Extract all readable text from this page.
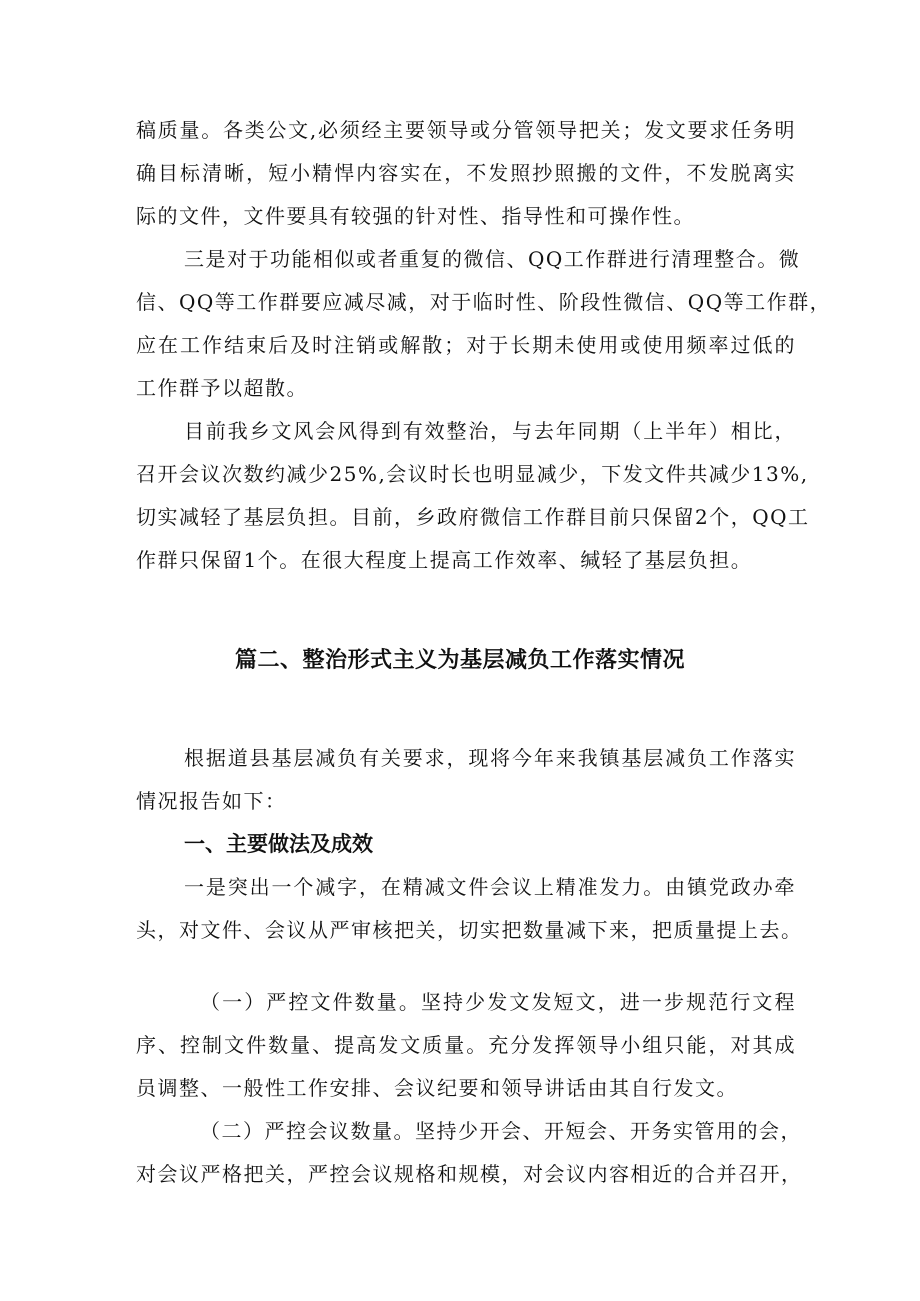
稿质量。各类公文,必须经主要领导或分管领导把关；发文要求任务明
确目标清晰，短小精悍内容实在，不发照抄照搬的文件，不发脱离实
际的文件，文件要具有较强的针对性、指导性和可操作性。
三是对于功能相似或者重复的微信、QQ工作群进行清理整合。微
信、QQ等工作群要应减尽减，对于临时性、阶段性微信、QQ等工作群，
应在工作结束后及时注销或解散；对于长期未使用或使用频率过低的
工作群予以超散。
目前我乡文风会风得到有效整治，与去年同期（上半年）相比，
召开会议次数约减少25%,会议时长也明显减少，下发文件共减少13%,
切实减轻了基层负担。目前，乡政府微信工作群目前只保留2个，QQ工
作群只保留1个。在很大程度上提高工作效率、缄轻了基层负担。
篇二、整治形式主义为基层减负工作落实情况
根据道县基层减负有关要求，现将今年来我镇基层减负工作落实
情况报告如下：
一、主要做法及成效
一是突出一个减字，在精减文件会议上精准发力。由镇党政办牵
头，对文件、会议从严审核把关，切实把数量减下来，把质量提上去。
（一）严控文件数量。坚持少发文发短文，进一步规范行文程
序、控制文件数量、提高发文质量。充分发挥领导小组只能，对其成
员调整、一般性工作安排、会议纪要和领导讲话由其自行发文。
（二）严控会议数量。坚持少开会、开短会、开务实管用的会，
对会议严格把关，严控会议规格和规模，对会议内容相近的合并召开，
